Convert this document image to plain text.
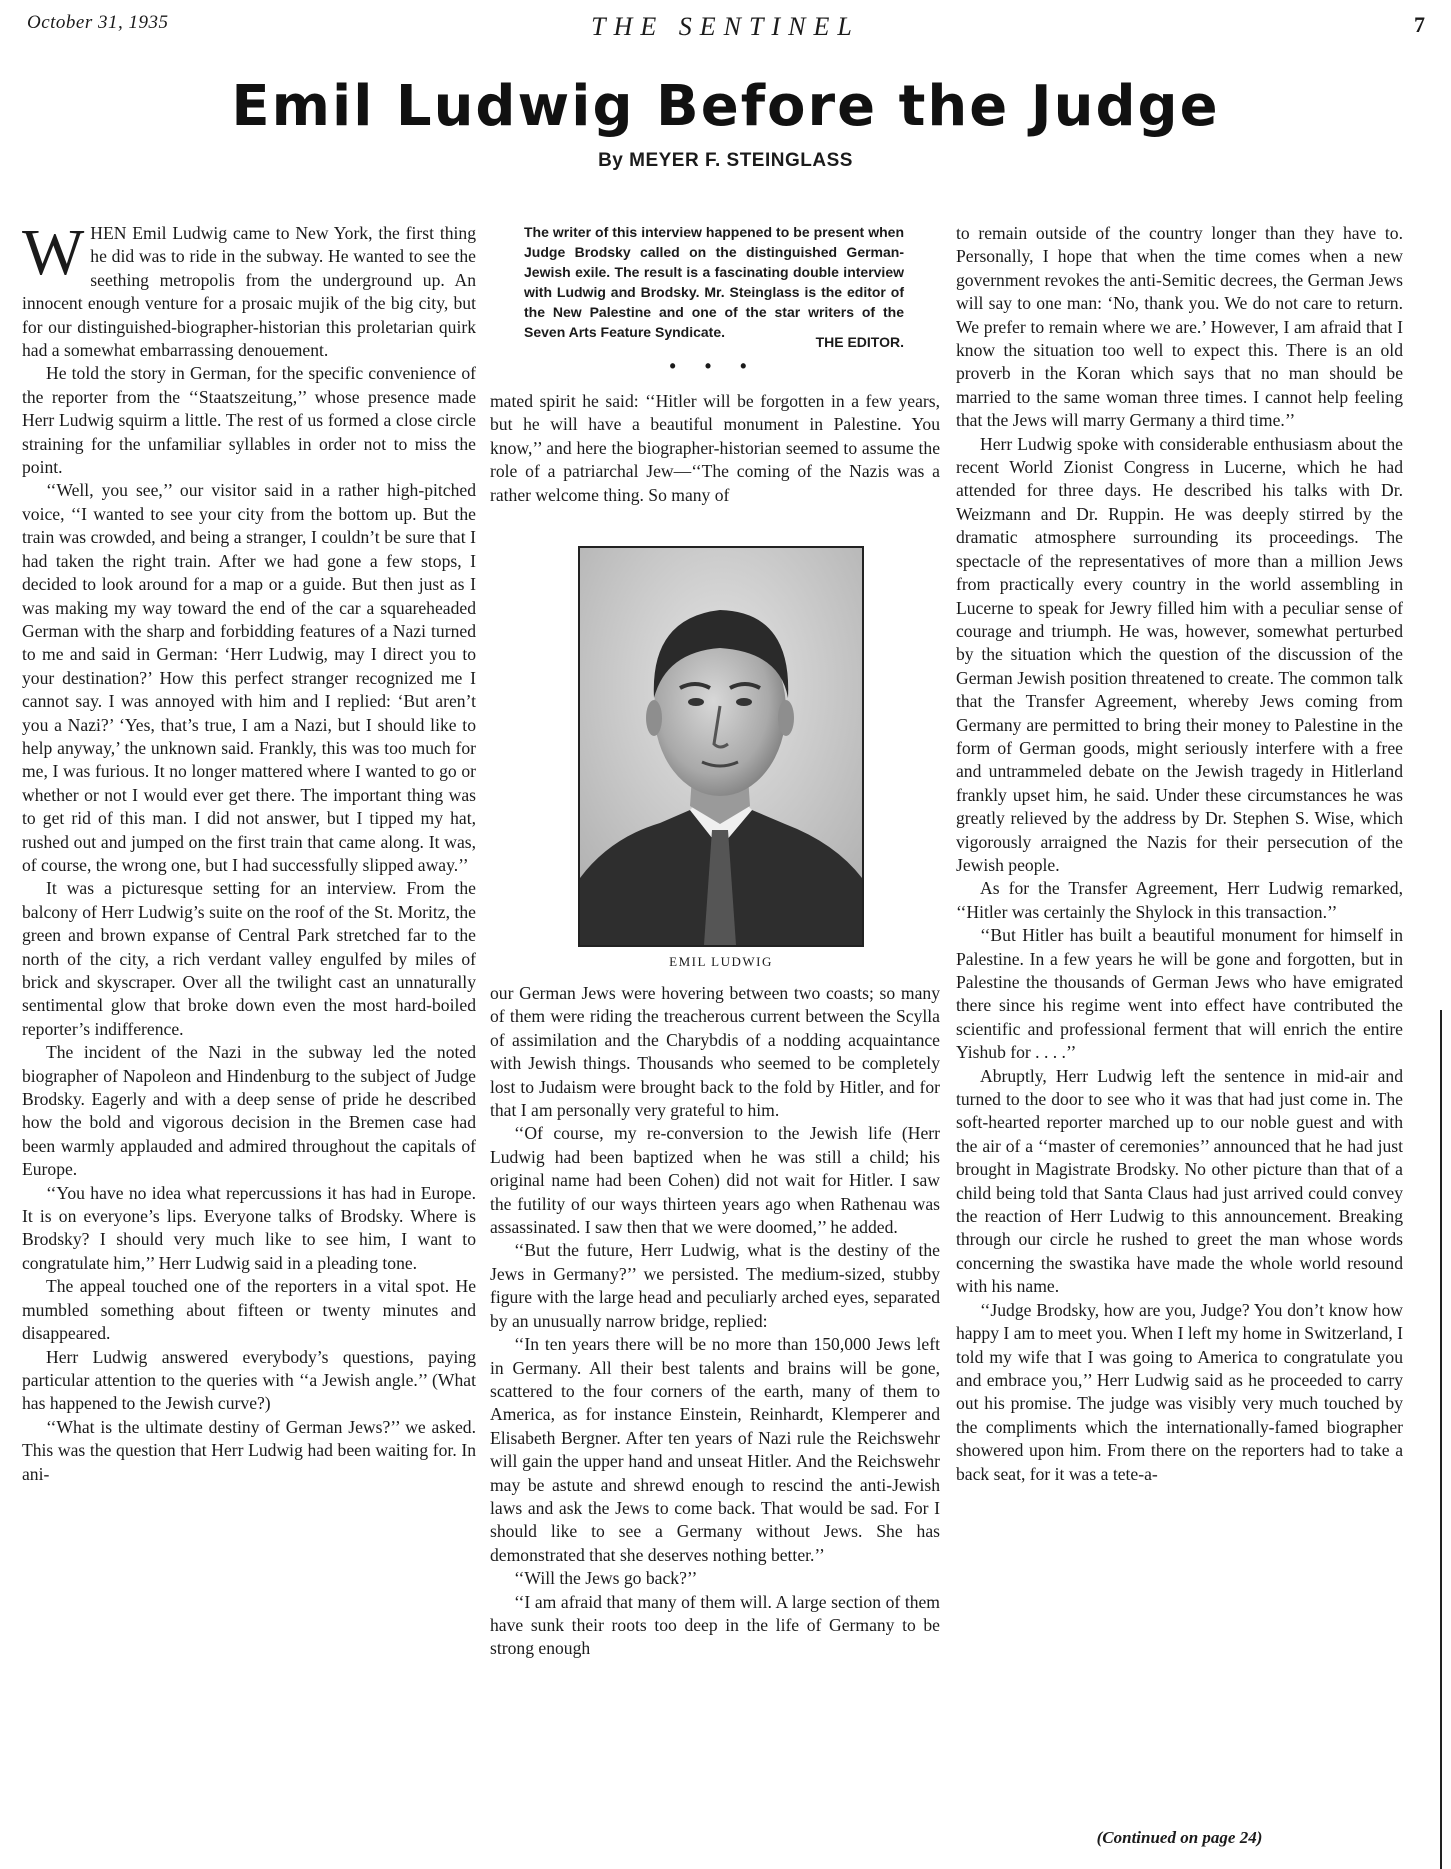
October 31, 1935	THE SENTINEL	7
Emil Ludwig Before the Judge
By MEYER F. STEINGLASS
W HEN Emil Ludwig came to New York, the first thing he did was to ride in the subway. He wanted to see the seething metropolis from the underground up. An innocent enough venture for a prosaic mujik of the big city, but for our distinguished-biographer-historian this proletarian quirk had a somewhat embarrassing denouement.

He told the story in German, for the specific convenience of the reporter from the ‘‘Staatszeitung,’’ whose presence made Herr Ludwig squirm a little. The rest of us formed a close circle straining for the unfamiliar syllables in order not to miss the point.

‘‘Well, you see,’’ our visitor said in a rather high-pitched voice, ‘‘I wanted to see your city from the bottom up. But the train was crowded, and being a stranger, I couldn’t be sure that I had taken the right train. After we had gone a few stops, I decided to look around for a map or a guide. But then just as I was making my way toward the end of the car a squareheaded German with the sharp and forbidding features of a Nazi turned to me and said in German: ‘Herr Ludwig, may I direct you to your destination?’ How this perfect stranger recognized me I cannot say. I was annoyed with him and I replied: ‘But aren’t you a Nazi?’ ‘Yes, that’s true, I am a Nazi, but I should like to help anyway,’ the unknown said. Frankly, this was too much for me, I was furious. It no longer mattered where I wanted to go or whether or not I would ever get there. The important thing was to get rid of this man. I did not answer, but I tipped my hat, rushed out and jumped on the first train that came along. It was, of course, the wrong one, but I had successfully slipped away.’’

It was a picturesque setting for an interview. From the balcony of Herr Ludwig’s suite on the roof of the St. Moritz, the green and brown expanse of Central Park stretched far to the north of the city, a rich verdant valley engulfed by miles of brick and skyscraper. Over all the twilight cast an unnaturally sentimental glow that broke down even the most hard-boiled reporter’s indifference.

The incident of the Nazi in the subway led the noted biographer of Napoleon and Hindenburg to the subject of Judge Brodsky. Eagerly and with a deep sense of pride he described how the bold and vigorous decision in the Bremen case had been warmly applauded and admired throughout the capitals of Europe.

‘‘You have no idea what repercussions it has had in Europe. It is on everyone’s lips. Everyone talks of Brodsky. Where is Brodsky? I should very much like to see him, I want to congratulate him,’’ Herr Ludwig said in a pleading tone.

The appeal touched one of the reporters in a vital spot. He mumbled something about fifteen or twenty minutes and disappeared.

Herr Ludwig answered everybody’s questions, paying particular attention to the queries with ‘‘a Jewish angle.’’ (What has happened to the Jewish curve?)

‘‘What is the ultimate destiny of German Jews?’’ we asked. This was the question that Herr Ludwig had been waiting for. In ani-

The writer of this interview happened to be present when Judge Brodsky called on the distinguished German-Jewish exile. The result is a fascinating double interview with Ludwig and Brodsky. Mr. Steinglass is the editor of the New Palestine and one of the star writers of the Seven Arts Feature Syndicate.
THE EDITOR.
• • •

mated spirit he said: ‘‘Hitler will be forgotten in a few years, but he will have a beautiful monument in Palestine. You know,’’ and here the biographer-historian seemed to assume the role of a patriarchal Jew—‘‘The coming of the Nazis was a rather welcome thing. So many of

EMIL LUDWIG

our German Jews were hovering between two coasts; so many of them were riding the treacherous current between the Scylla of assimilation and the Charybdis of a nodding acquaintance with Jewish things. Thousands who seemed to be completely lost to Judaism were brought back to the fold by Hitler, and for that I am personally very grateful to him.

‘‘Of course, my re-conversion to the Jewish life (Herr Ludwig had been baptized when he was still a child; his original name had been Cohen) did not wait for Hitler. I saw the futility of our ways thirteen years ago when Rathenau was assassinated. I saw then that we were doomed,’’ he added.

‘‘But the future, Herr Ludwig, what is the destiny of the Jews in Germany?’’ we persisted. The medium-sized, stubby figure with the large head and peculiarly arched eyes, separated by an unusually narrow bridge, replied:

‘‘In ten years there will be no more than 150,000 Jews left in Germany. All their best talents and brains will be gone, scattered to the four corners of the earth, many of them to America, as for instance Einstein, Reinhardt, Klemperer and Elisabeth Bergner. After ten years of Nazi rule the Reichswehr will gain the upper hand and unseat Hitler. And the Reichswehr may be astute and shrewd enough to rescind the anti-Jewish laws and ask the Jews to come back. That would be sad. For I should like to see a Germany without Jews. She has demonstrated that she deserves nothing better.’’

‘‘Will the Jews go back?’’

‘‘I am afraid that many of them will. A large section of them have sunk their roots too deep in the life of Germany to be strong enough

to remain outside of the country longer than they have to. Personally, I hope that when the time comes when a new government revokes the anti-Semitic decrees, the German Jews will say to one man: ‘No, thank you. We do not care to return. We prefer to remain where we are.’ However, I am afraid that I know the situation too well to expect this. There is an old proverb in the Koran which says that no man should be married to the same woman three times. I cannot help feeling that the Jews will marry Germany a third time.’’

Herr Ludwig spoke with considerable enthusiasm about the recent World Zionist Congress in Lucerne, which he had attended for three days. He described his talks with Dr. Weizmann and Dr. Ruppin. He was deeply stirred by the dramatic atmosphere surrounding its proceedings. The spectacle of the representatives of more than a million Jews from practically every country in the world assembling in Lucerne to speak for Jewry filled him with a peculiar sense of courage and triumph. He was, however, somewhat perturbed by the situation which the question of the discussion of the German Jewish position threatened to create. The common talk that the Transfer Agreement, whereby Jews coming from Germany are permitted to bring their money to Palestine in the form of German goods, might seriously interfere with a free and untrammeled debate on the Jewish tragedy in Hitlerland frankly upset him, he said. Under these circumstances he was greatly relieved by the address by Dr. Stephen S. Wise, which vigorously arraigned the Nazis for their persecution of the Jewish people.

As for the Transfer Agreement, Herr Ludwig remarked, ‘‘Hitler was certainly the Shylock in this transaction.’’

‘‘But Hitler has built a beautiful monument for himself in Palestine. In a few years he will be gone and forgotten, but in Palestine the thousands of German Jews who have emigrated there since his regime went into effect have contributed the scientific and professional ferment that will enrich the entire Yishub for . . . .’’

Abruptly, Herr Ludwig left the sentence in mid-air and turned to the door to see who it was that had just come in. The soft-hearted reporter marched up to our noble guest and with the air of a ‘‘master of ceremonies’’ announced that he had just brought in Magistrate Brodsky. No other picture than that of a child being told that Santa Claus had just arrived could convey the reaction of Herr Ludwig to this announcement. Breaking through our circle he rushed to greet the man whose words concerning the swastika have made the whole world resound with his name.

‘‘Judge Brodsky, how are you, Judge? You don’t know how happy I am to meet you. When I left my home in Switzerland, I told my wife that I was going to America to congratulate you and embrace you,’’ Herr Ludwig said as he proceeded to carry out his promise. The judge was visibly very much touched by the compliments which the internationally-famed biographer showered upon him. From there on the reporters had to take a back seat, for it was a tete-a-

(Continued on page 24)
